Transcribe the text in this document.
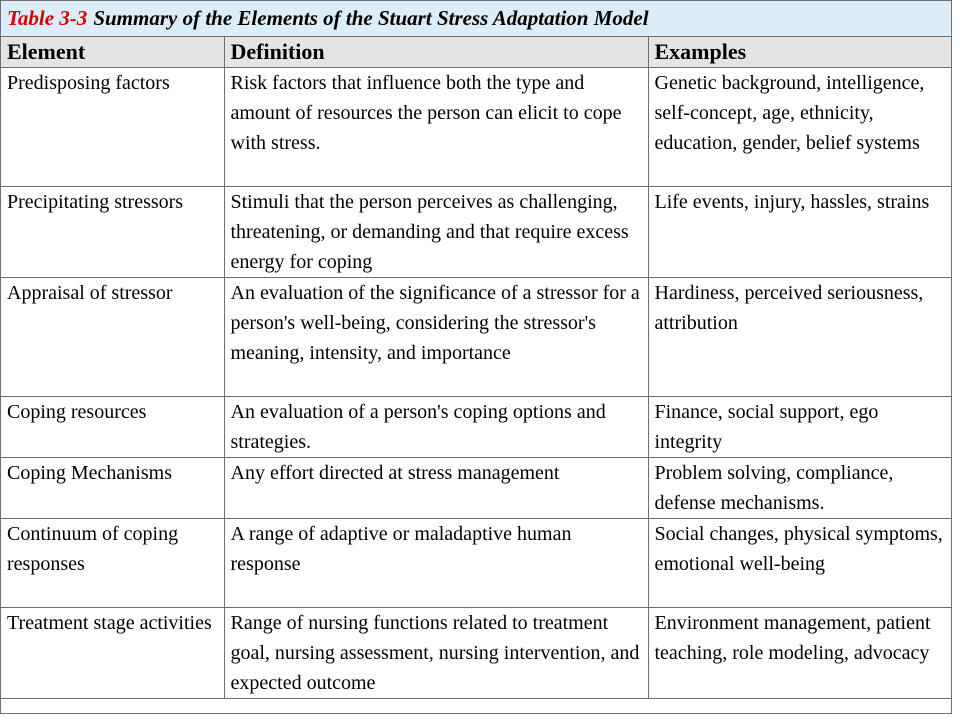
Table 3-3 Summary of the Elements of the Stuart Stress Adaptation Model
Element	Definition	Examples
Predisposing factors	Risk factors that influence both the type and amount of resources the person can elicit to cope with stress.	Genetic background, intelligence, self-concept, age, ethnicity, education, gender, belief systems
Precipitating stressors	Stimuli that the person perceives as challenging, threatening, or demanding and that require excess energy for coping	Life events, injury, hassles, strains
Appraisal of stressor	An evaluation of the significance of a stressor for a person's well-being, considering the stressor's meaning, intensity, and importance	Hardiness, perceived seriousness, attribution
Coping resources	An evaluation of a person's coping options and strategies.	Finance, social support, ego integrity
Coping Mechanisms	Any effort directed at stress management	Problem solving, compliance, defense mechanisms.
Continuum of coping responses	A range of adaptive or maladaptive human response	Social changes, physical symptoms, emotional well-being
Treatment stage activities	Range of nursing functions related to treatment goal, nursing assessment, nursing intervention, and expected outcome	Environment management, patient teaching, role modeling, advocacy
